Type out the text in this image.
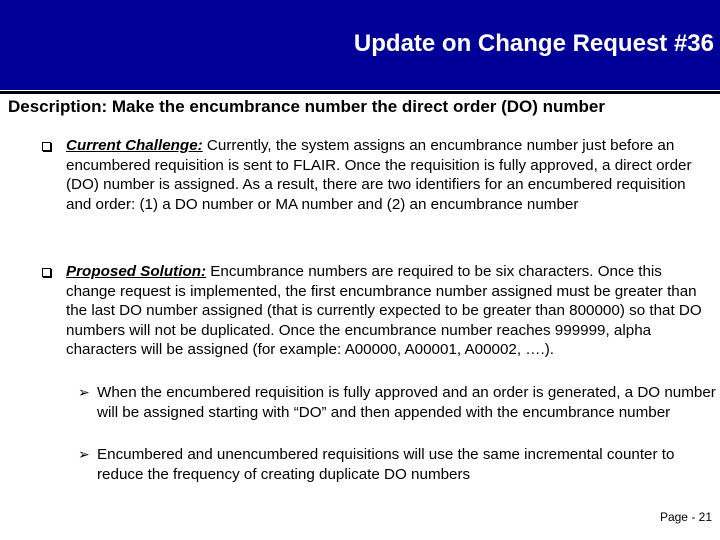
Update on Change Request #36
Description: Make the encumbrance number the direct order (DO) number
Current Challenge: Currently, the system assigns an encumbrance number just before an encumbered requisition is sent to FLAIR. Once the requisition is fully approved, a direct order (DO) number is assigned. As a result, there are two identifiers for an encumbered requisition and order: (1) a DO number or MA number and (2) an encumbrance number
Proposed Solution: Encumbrance numbers are required to be six characters. Once this change request is implemented, the first encumbrance number assigned must be greater than the last DO number assigned (that is currently expected to be greater than 800000) so that DO numbers will not be duplicated. Once the encumbrance number reaches 999999, alpha characters will be assigned (for example: A00000, A00001, A00002, ….).
➢ When the encumbered requisition is fully approved and an order is generated, a DO number will be assigned starting with “DO” and then appended with the encumbrance number
➢ Encumbered and unencumbered requisitions will use the same incremental counter to reduce the frequency of creating duplicate DO numbers
Page - 21
